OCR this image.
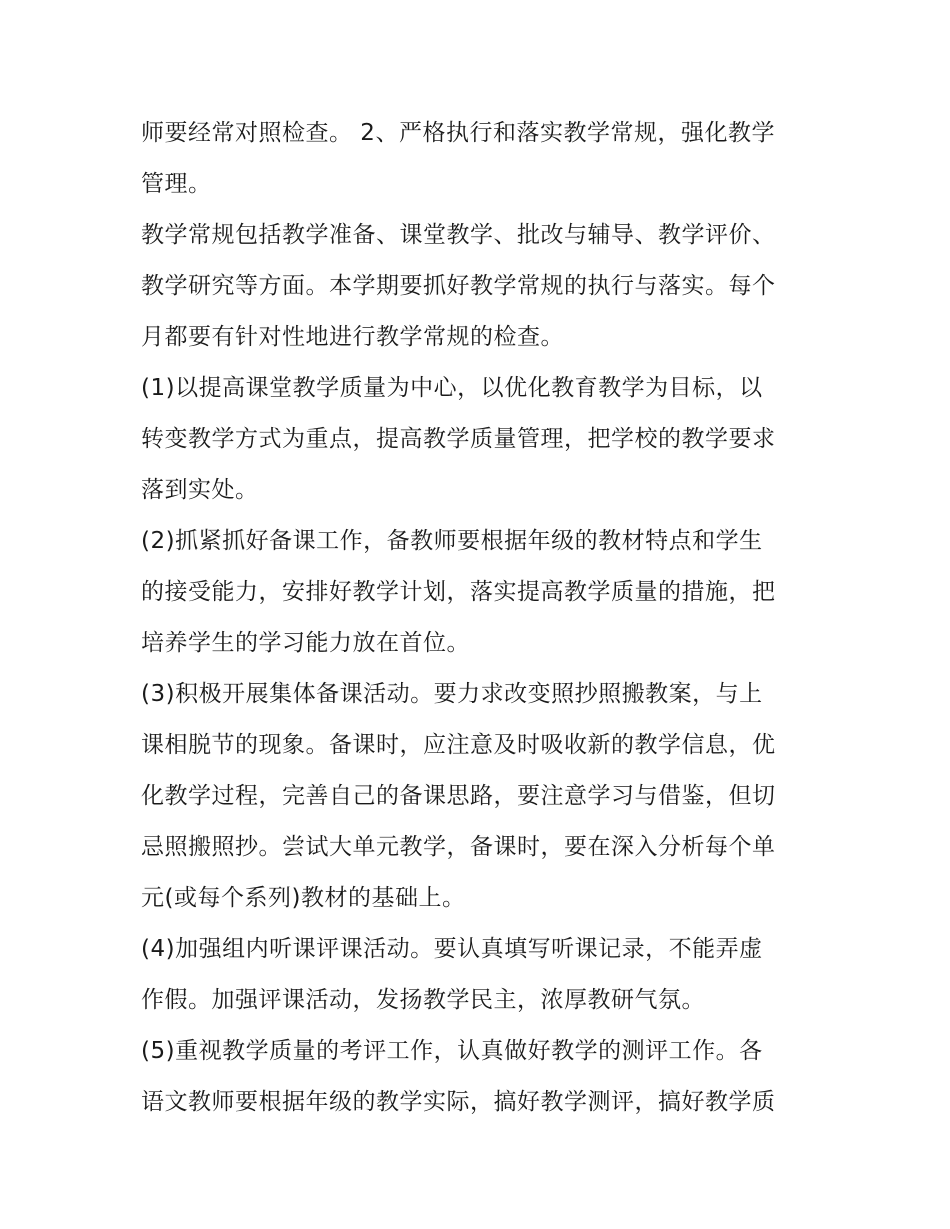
师要经常对照检查。 2、严格执行和落实教学常规，强化教学
管理。
教学常规包括教学准备、课堂教学、批改与辅导、教学评价、
教学研究等方面。本学期要抓好教学常规的执行与落实。每个
月都要有针对性地进行教学常规的检查。
(1)以提高课堂教学质量为中心，以优化教育教学为目标，以
转变教学方式为重点，提高教学质量管理，把学校的教学要求
落到实处。
(2)抓紧抓好备课工作，备教师要根据年级的教材特点和学生
的接受能力，安排好教学计划，落实提高教学质量的措施，把
培养学生的学习能力放在首位。
(3)积极开展集体备课活动。要力求改变照抄照搬教案，与上
课相脱节的现象。备课时，应注意及时吸收新的教学信息，优
化教学过程，完善自己的备课思路，要注意学习与借鉴，但切
忌照搬照抄。尝试大单元教学，备课时，要在深入分析每个单
元(或每个系列)教材的基础上。
(4)加强组内听课评课活动。要认真填写听课记录，不能弄虚
作假。加强评课活动，发扬教学民主，浓厚教研气氛。
(5)重视教学质量的考评工作，认真做好教学的测评工作。各
语文教师要根据年级的教学实际，搞好教学测评，搞好教学质
